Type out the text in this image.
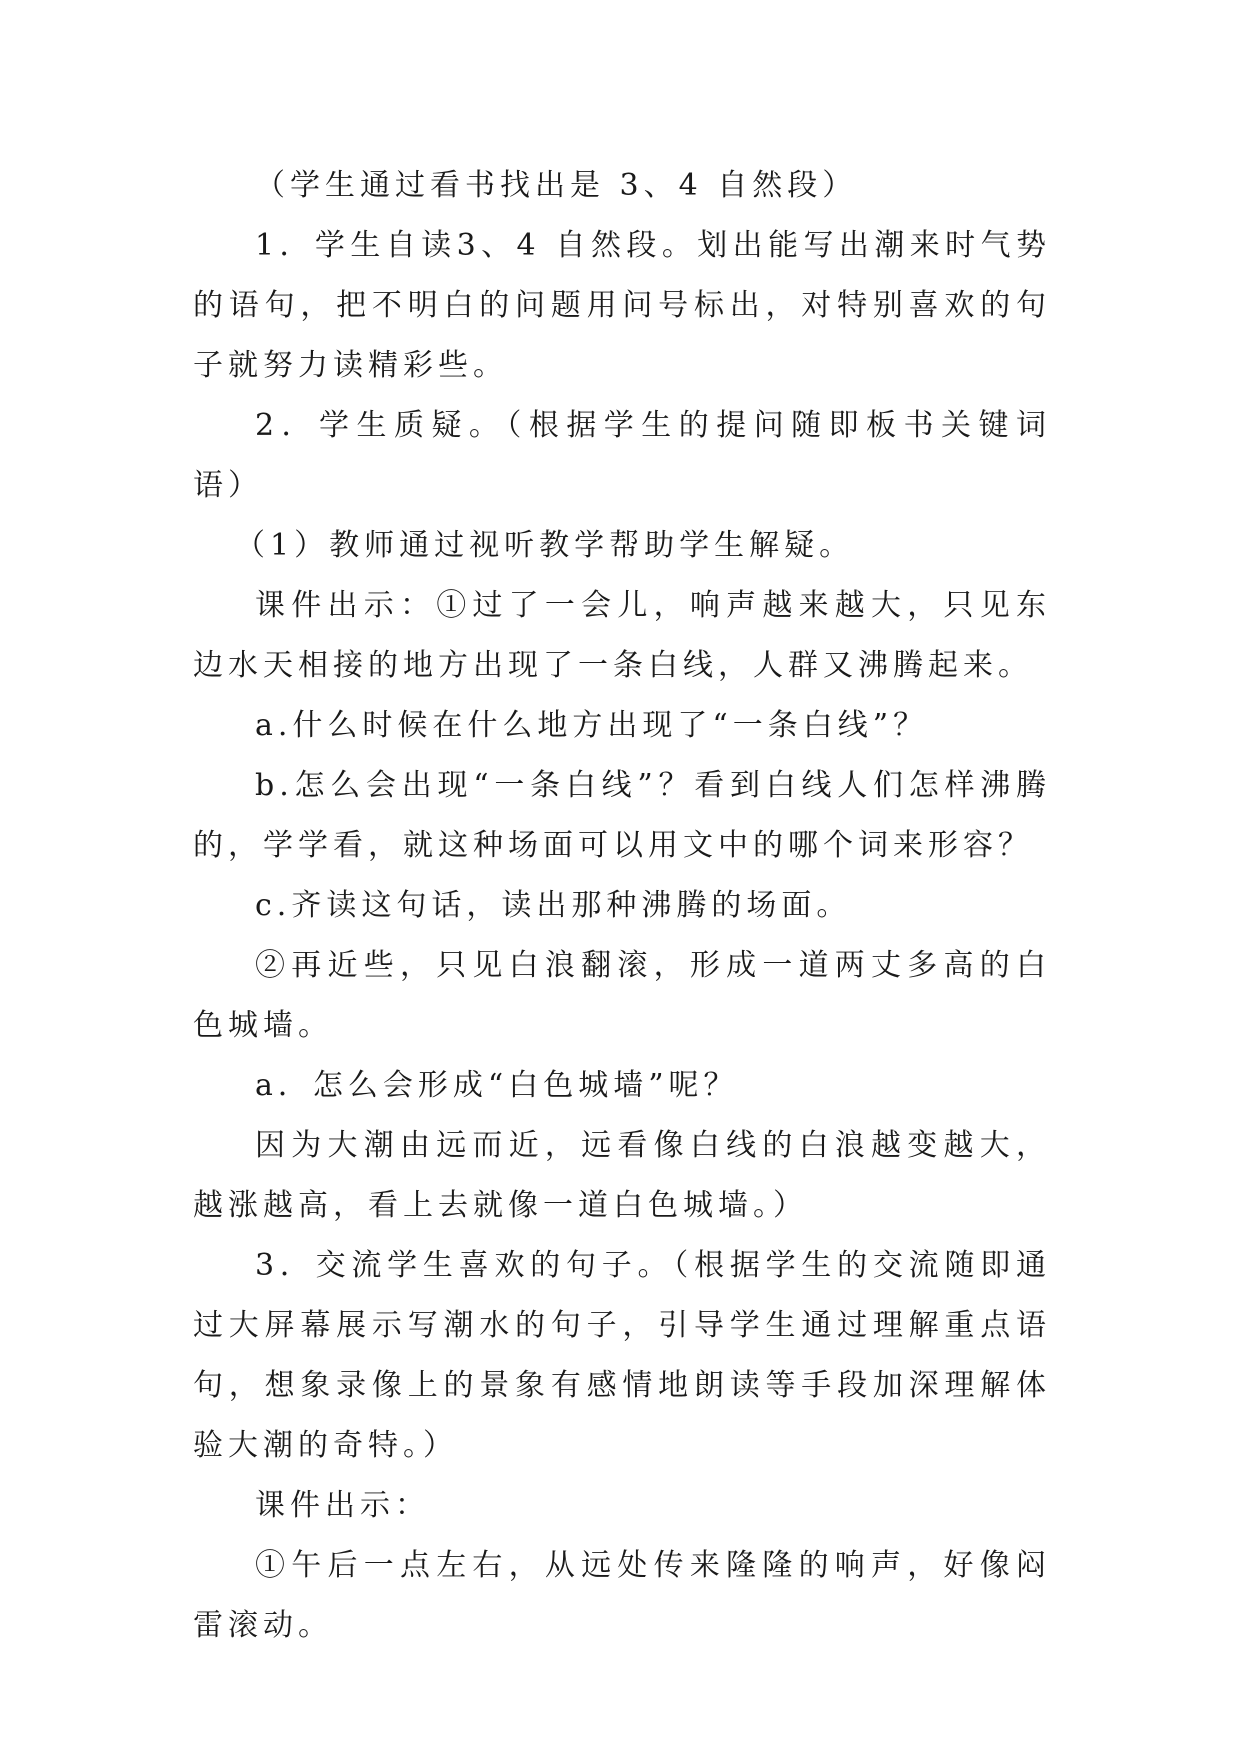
（学生通过看书找出是 3、4 自然段）

1．学生自读3、4 自然段。划出能写出潮来时气势的语句，把不明白的问题用问号标出，对特别喜欢的句子就努力读精彩些。

2．学生质疑。（根据学生的提问随即板书关键词语）

（1）教师通过视听教学帮助学生解疑。

课件出示：①过了一会儿，响声越来越大，只见东边水天相接的地方出现了一条白线，人群又沸腾起来。

a.什么时候在什么地方出现了“一条白线”？

b.怎么会出现“一条白线”？看到白线人们怎样沸腾的，学学看，就这种场面可以用文中的哪个词来形容？

c.齐读这句话，读出那种沸腾的场面。

②再近些，只见白浪翻滚，形成一道两丈多高的白色城墙。

a．怎么会形成“白色城墙”呢？

因为大潮由远而近，远看像白线的白浪越变越大，越涨越高，看上去就像一道白色城墙。）

3．交流学生喜欢的句子。（根据学生的交流随即通过大屏幕展示写潮水的句子，引导学生通过理解重点语句，想象录像上的景象有感情地朗读等手段加深理解体验大潮的奇特。）

课件出示：

①午后一点左右，从远处传来隆隆的响声，好像闷雷滚动。
